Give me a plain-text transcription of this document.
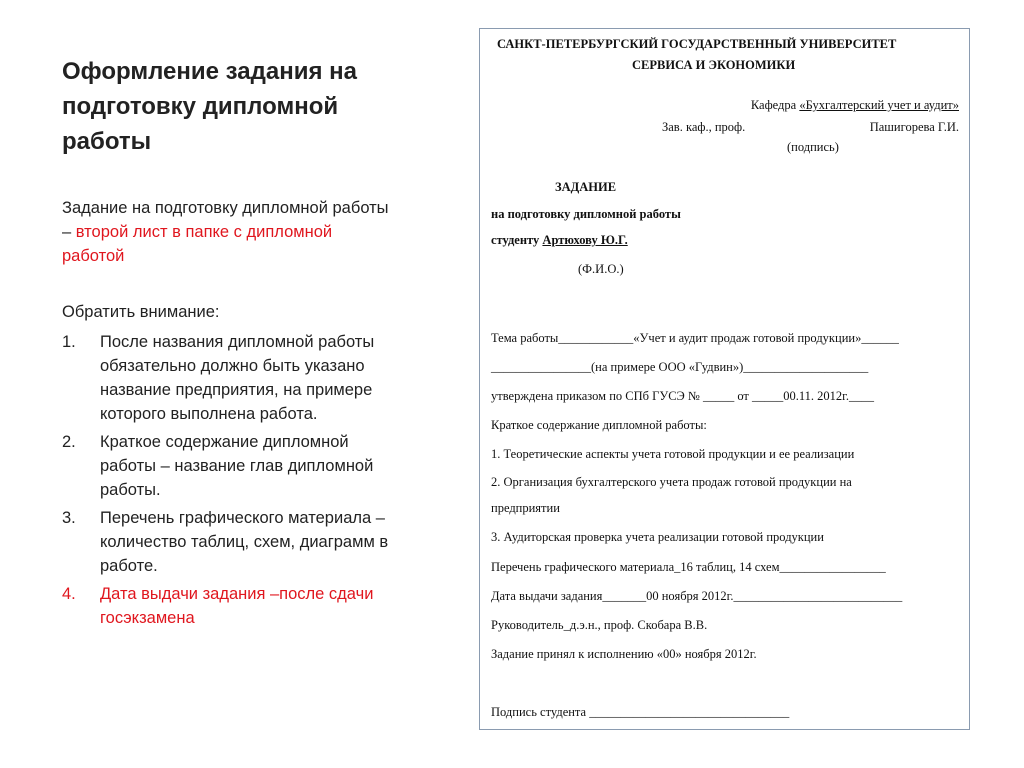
Оформление задания на подготовку дипломной работы
Задание на подготовку дипломной работы – второй лист в папке с дипломной работой
Обратить внимание:
1. После названия дипломной работы обязательно должно быть указано название предприятия, на примере которого выполнена работа.
2. Краткое содержание дипломной работы – название глав дипломной работы.
3. Перечень графического материала – количество таблиц, схем, диаграмм в работе.
4. Дата выдачи задания –после сдачи госэкзамена
САНКТ-ПЕТЕРБУРГСКИЙ ГОСУДАРСТВЕННЫЙ УНИВЕРСИТЕТ
СЕРВИСА И ЭКОНОМИКИ
Кафедра «Бухгалтерский учет и аудит»
Зав. каф., проф.	Пашигорева Г.И.
(подпись)
ЗАДАНИЕ
на подготовку дипломной работы
студенту Артюхову Ю.Г.
(Ф.И.О.)
Тема работы____________«Учет и аудит продаж готовой продукции»______
________________(на примере ООО «Гудвин»)____________________
утверждена приказом по СПб ГУСЭ № _____ от _____00.11. 2012г.____
Краткое содержание дипломной работы:
1. Теоретические аспекты учета готовой продукции и ее реализации
2. Организация бухгалтерского учета продаж готовой продукции на
предприятии
3. Аудиторская проверка учета реализации готовой продукции
Перечень графического материала_16 таблиц, 14 схем_________________
Дата выдачи задания_______00 ноября 2012г.___________________________
Руководитель_д.э.н., проф. Скобара В.В.
Задание принял к исполнению «00» ноября 2012г.
Подпись студента ________________________________
